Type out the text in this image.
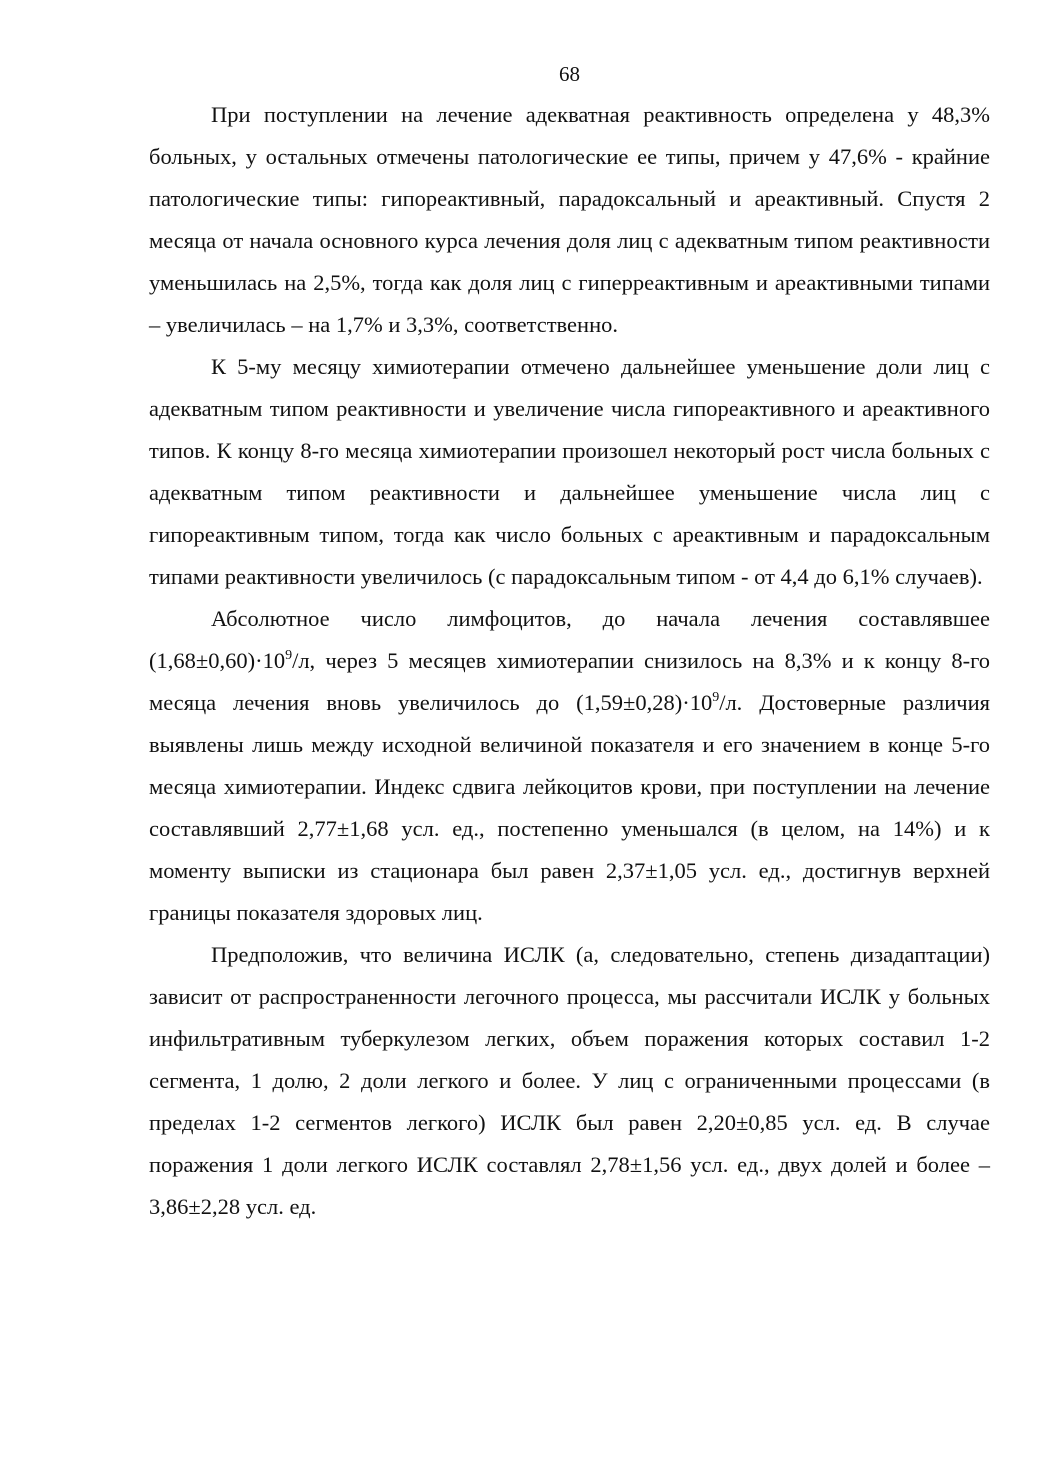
68

При поступлении на лечение адекватная реактивность определена у 48,3% больных, у остальных отмечены патологические ее типы, причем у 47,6% - крайние патологические типы: гипореактивный, парадоксальный и ареактивный. Спустя 2 месяца от начала основного курса лечения доля лиц с адекватным типом реактивности уменьшилась на 2,5%, тогда как доля лиц с гиперреактивным и ареактивными типами – увеличилась – на 1,7% и 3,3%, соответственно.

К 5-му месяцу химиотерапии отмечено дальнейшее уменьшение доли лиц с адекватным типом реактивности и увеличение числа гипореактивного и ареактивного типов. К концу 8-го месяца химиотерапии произошел некоторый рост числа больных с адекватным типом реактивности и дальнейшее уменьшение числа лиц с гипореактивным типом, тогда как число больных с ареактивным и парадоксальным типами реактивности увеличилось (с парадоксальным типом - от 4,4 до 6,1% случаев).

Абсолютное число лимфоцитов, до начала лечения составлявшее $(1,68\pm 0,60)\cdot 10^9/л$, через 5 месяцев химиотерапии снизилось на 8,3% и к концу 8-го месяца лечения вновь увеличилось до $(1,59\pm 0,28)\cdot 10^9/л$. Достоверные различия выявлены лишь между исходной величиной показателя и его значением в конце 5-го месяца химиотерапии. Индекс сдвига лейкоцитов крови, при поступлении на лечение составлявший 2,77±1,68 усл. ед., постепенно уменьшался (в целом, на 14%) и к моменту выписки из стационара был равен 2,37±1,05 усл. ед., достигнув верхней границы показателя здоровых лиц.

Предположив, что величина ИСЛК (а, следовательно, степень дизадаптации) зависит от распространенности легочного процесса, мы рассчитали ИСЛК у больных инфильтративным туберкулезом легких, объем поражения которых составил 1-2 сегмента, 1 долю, 2 доли легкого и более. У лиц с ограниченными процессами (в пределах 1-2 сегментов легкого) ИСЛК был равен 2,20±0,85 усл. ед. В случае поражения 1 доли легкого ИСЛК составлял 2,78±1,56 усл. ед., двух долей и более – 3,86±2,28 усл. ед.
